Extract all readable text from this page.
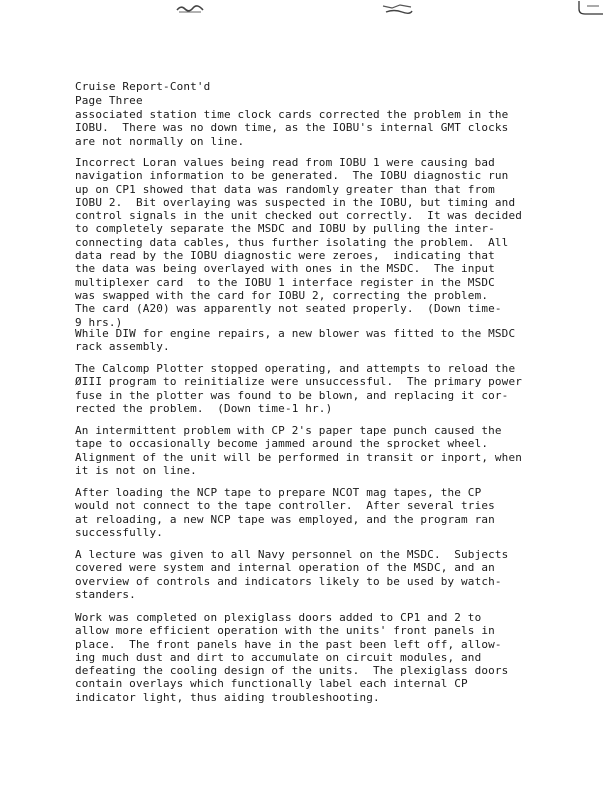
Cruise Report-Cont'd
Page Three
associated station time clock cards corrected the problem in the
IOBU.  There was no down time, as the IOBU's internal GMT clocks
are not normally on line.
Incorrect Loran values being read from IOBU 1 were causing bad
navigation information to be generated.  The IOBU diagnostic run
up on CP1 showed that data was randomly greater than that from
IOBU 2.  Bit overlaying was suspected in the IOBU, but timing and
control signals in the unit checked out correctly.  It was decided
to completely separate the MSDC and IOBU by pulling the inter-
connecting data cables, thus further isolating the problem.  All
data read by the IOBU diagnostic were zeroes,  indicating that
the data was being overlayed with ones in the MSDC.  The input
multiplexer card  to the IOBU 1 interface register in the MSDC
was swapped with the card for IOBU 2, correcting the problem.
The card (A20) was apparently not seated properly.  (Down time-
9 hrs.)
While DIW for engine repairs, a new blower was fitted to the MSDC
rack assembly.
The Calcomp Plotter stopped operating, and attempts to reload the
ØIII program to reinitialize were unsuccessful.  The primary power
fuse in the plotter was found to be blown, and replacing it cor-
rected the problem.  (Down time-1 hr.)
An intermittent problem with CP 2's paper tape punch caused the
tape to occasionally become jammed around the sprocket wheel.
Alignment of the unit will be performed in transit or inport, when
it is not on line.
After loading the NCP tape to prepare NCOT mag tapes, the CP
would not connect to the tape controller.  After several tries
at reloading, a new NCP tape was employed, and the program ran
successfully.
A lecture was given to all Navy personnel on the MSDC.  Subjects
covered were system and internal operation of the MSDC, and an
overview of controls and indicators likely to be used by watch-
standers.
Work was completed on plexiglass doors added to CP1 and 2 to
allow more efficient operation with the units' front panels in
place.  The front panels have in the past been left off, allow-
ing much dust and dirt to accumulate on circuit modules, and
defeating the cooling design of the units.  The plexiglass doors
contain overlays which functionally label each internal CP
indicator light, thus aiding troubleshooting.
